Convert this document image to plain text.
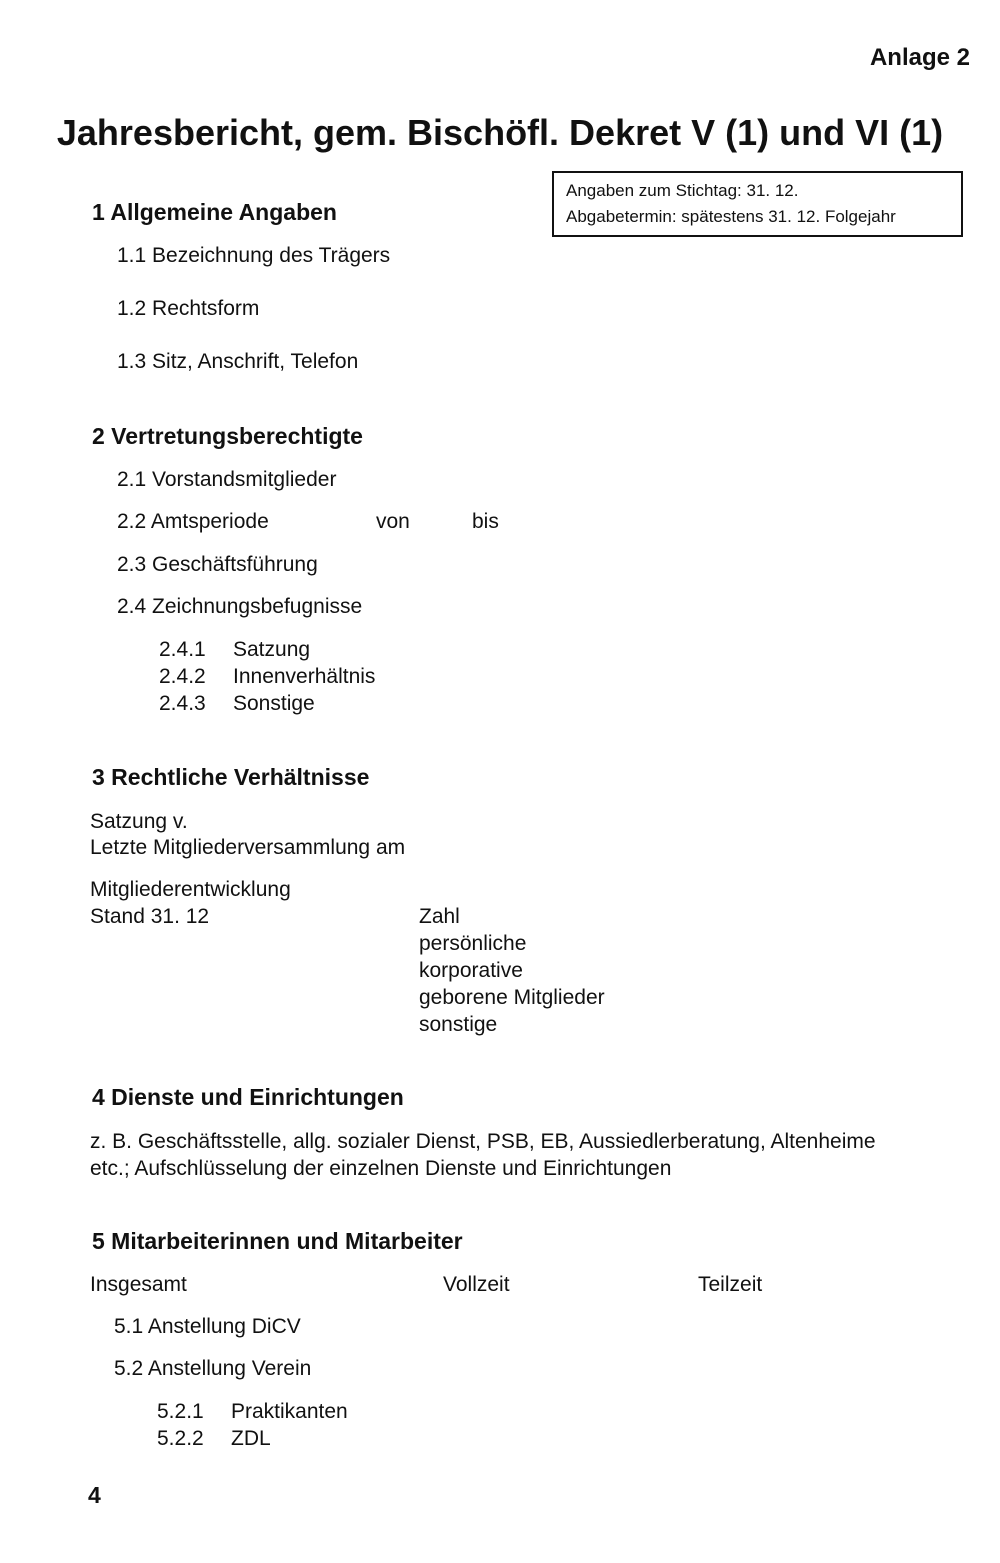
Anlage 2
Jahresbericht, gem. Bischöfl. Dekret V (1) und VI (1)
Angaben zum Stichtag: 31. 12.
Abgabetermin: spätestens 31. 12. Folgejahr
1 Allgemeine Angaben
1.1 Bezeichnung des Trägers
1.2 Rechtsform
1.3 Sitz, Anschrift, Telefon
2 Vertretungsberechtigte
2.1 Vorstandsmitglieder
2.2 Amtsperiode	von	bis
2.3 Geschäftsführung
2.4 Zeichnungsbefugnisse
2.4.1 Satzung
2.4.2 Innenverhältnis
2.4.3 Sonstige
3 Rechtliche Verhältnisse
Satzung v.
Letzte Mitgliederversammlung am
Mitgliederentwicklung
Stand 31. 12	Zahl
persönliche
korporative
geborene Mitglieder
sonstige
4 Dienste und Einrichtungen
z. B. Geschäftsstelle, allg. sozialer Dienst, PSB, EB, Aussiedlerberatung, Altenheime
etc.; Aufschlüsselung der einzelnen Dienste und Einrichtungen
5 Mitarbeiterinnen und Mitarbeiter
Insgesamt	Vollzeit	Teilzeit
5.1 Anstellung DiCV
5.2 Anstellung Verein
5.2.1 Praktikanten
5.2.2 ZDL
4
